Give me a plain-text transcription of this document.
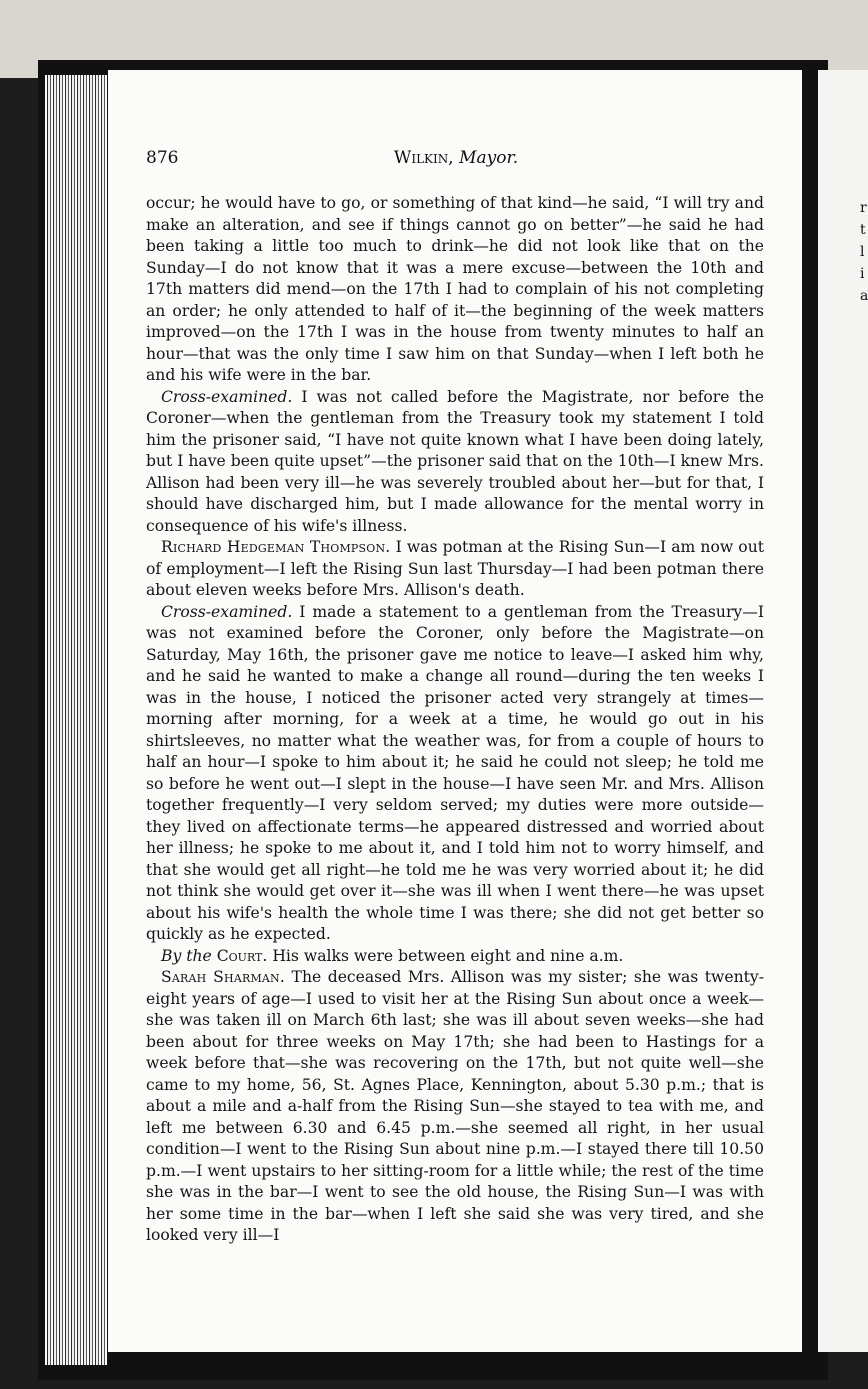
r
t
l
i
a
876	Wilkin, Mayor.

occur; he would have to go, or something of that kind—he said, “I will try and make an alteration, and see if things cannot go on better”—he said he had been taking a little too much to drink—he did not look like that on the Sunday—I do not know that it was a mere excuse—between the 10th and 17th matters did mend—on the 17th I had to complain of his not completing an order; he only attended to half of it—the beginning of the week matters improved—on the 17th I was in the house from twenty minutes to half an hour—that was the only time I saw him on that Sunday—when I left both he and his wife were in the bar.

Cross-examined. I was not called before the Magistrate, nor before the Coroner—when the gentleman from the Treasury took my statement I told him the prisoner said, “I have not quite known what I have been doing lately, but I have been quite upset”—the prisoner said that on the 10th—I knew Mrs. Allison had been very ill—he was severely troubled about her—but for that, I should have discharged him, but I made allowance for the mental worry in consequence of his wife's illness.

Richard Hedgeman Thompson. I was potman at the Rising Sun—I am now out of employment—I left the Rising Sun last Thursday—I had been potman there about eleven weeks before Mrs. Allison's death.

Cross-examined. I made a statement to a gentleman from the Treasury—I was not examined before the Coroner, only before the Magistrate—on Saturday, May 16th, the prisoner gave me notice to leave—I asked him why, and he said he wanted to make a change all round—during the ten weeks I was in the house, I noticed the prisoner acted very strangely at times—morning after morning, for a week at a time, he would go out in his shirtsleeves, no matter what the weather was, for from a couple of hours to half an hour—I spoke to him about it; he said he could not sleep; he told me so before he went out—I slept in the house—I have seen Mr. and Mrs. Allison together frequently—I very seldom served; my duties were more outside—they lived on affectionate terms—he appeared distressed and worried about her illness; he spoke to me about it, and I told him not to worry himself, and that she would get all right—he told me he was very worried about it; he did not think she would get over it—she was ill when I went there—he was upset about his wife's health the whole time I was there; she did not get better so quickly as he expected.

By the Court. His walks were between eight and nine a.m.

Sarah Sharman. The deceased Mrs. Allison was my sister; she was twenty-eight years of age—I used to visit her at the Rising Sun about once a week—she was taken ill on March 6th last; she was ill about seven weeks—she had been about for three weeks on May 17th; she had been to Hastings for a week before that—she was recovering on the 17th, but not quite well—she came to my home, 56, St. Agnes Place, Kennington, about 5.30 p.m.; that is about a mile and a-half from the Rising Sun—she stayed to tea with me, and left me between 6.30 and 6.45 p.m.—she seemed all right, in her usual condition—I went to the Rising Sun about nine p.m.—I stayed there till 10.50 p.m.—I went upstairs to her sitting-room for a little while; the rest of the time she was in the bar—I went to see the old house, the Rising Sun—I was with her some time in the bar—when I left she said she was very tired, and she looked very ill—I
